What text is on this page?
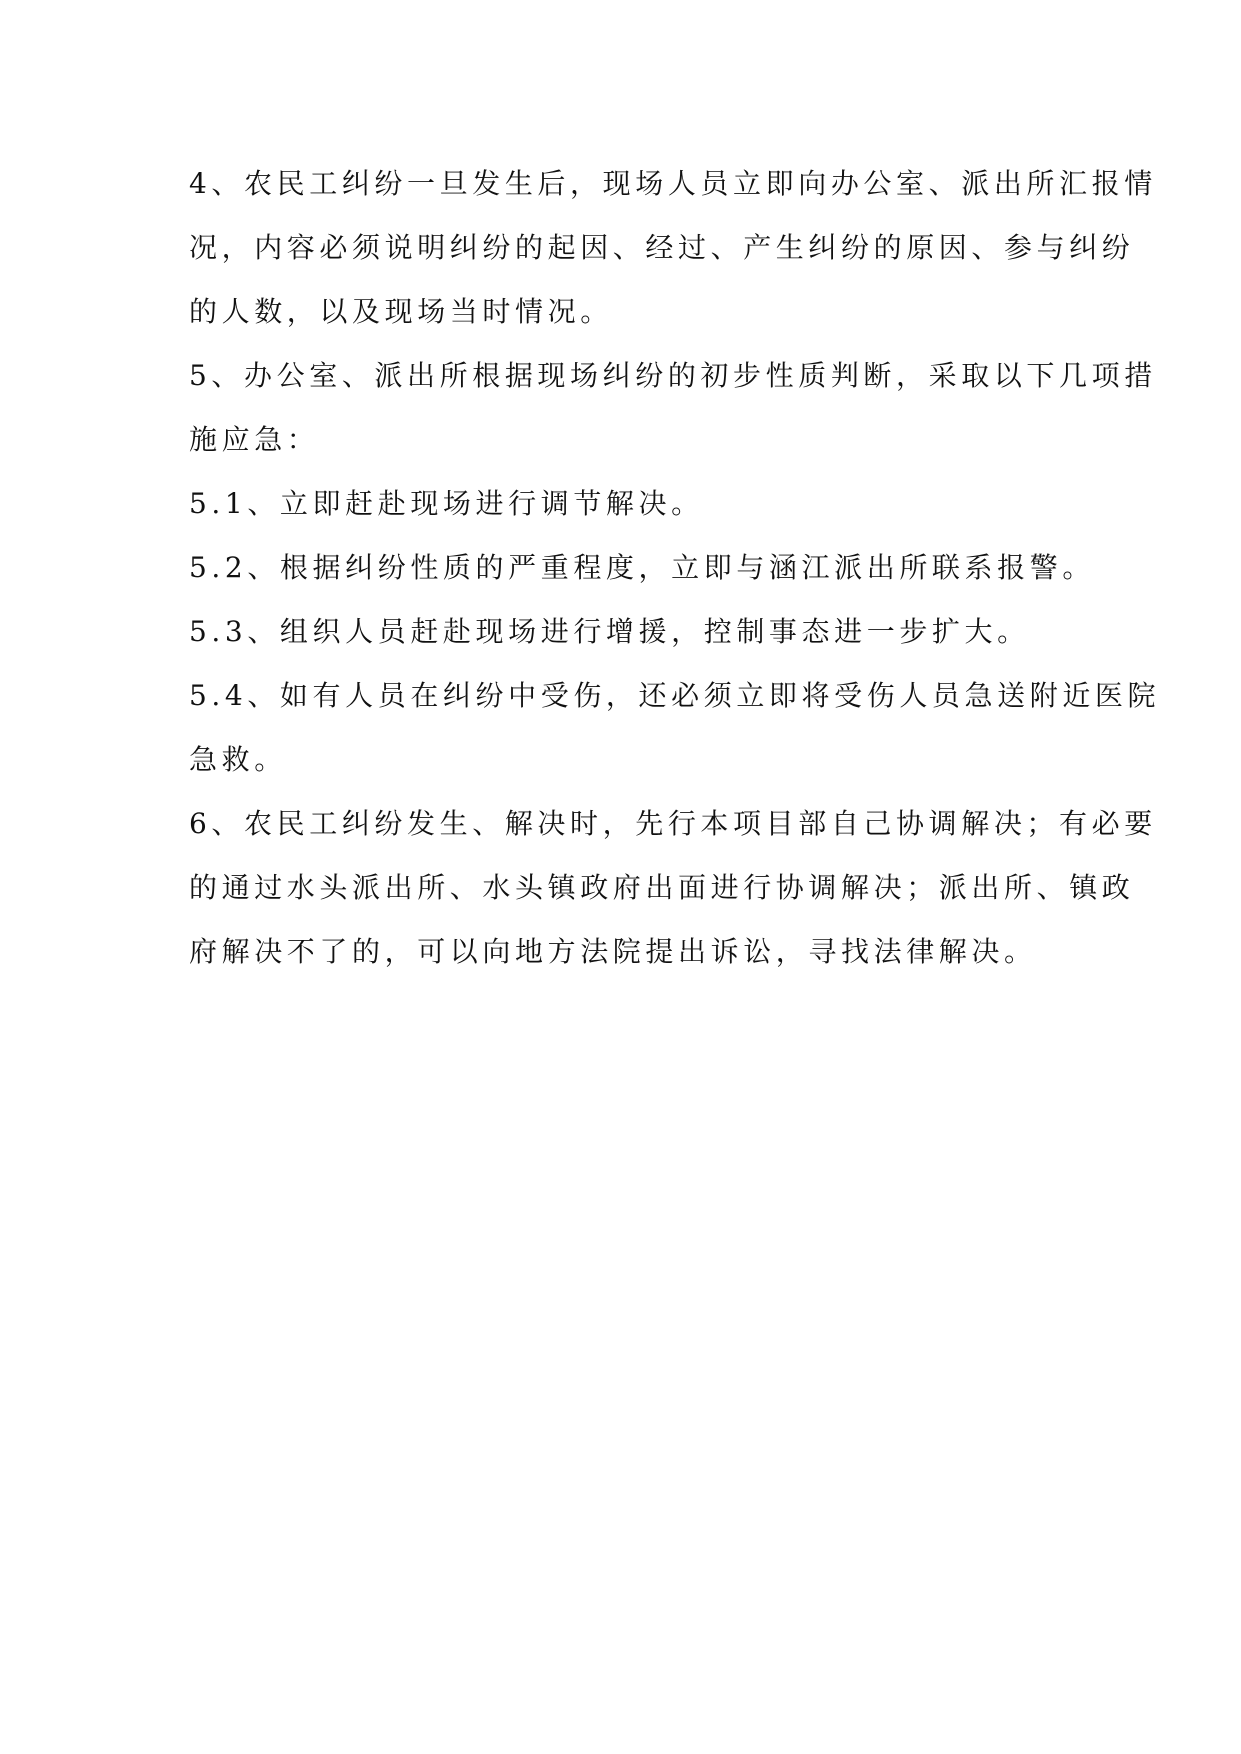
4、农民工纠纷一旦发生后，现场人员立即向办公室、派出所汇报情
况，内容必须说明纠纷的起因、经过、产生纠纷的原因、参与纠纷
的人数，以及现场当时情况。
5、办公室、派出所根据现场纠纷的初步性质判断，采取以下几项措
施应急：
5.1、立即赶赴现场进行调节解决。
5.2、根据纠纷性质的严重程度，立即与涵江派出所联系报警。
5.3、组织人员赶赴现场进行增援，控制事态进一步扩大。
5.4、如有人员在纠纷中受伤，还必须立即将受伤人员急送附近医院
急救。
6、农民工纠纷发生、解决时，先行本项目部自己协调解决；有必要
的通过水头派出所、水头镇政府出面进行协调解决；派出所、镇政
府解决不了的，可以向地方法院提出诉讼，寻找法律解决。
